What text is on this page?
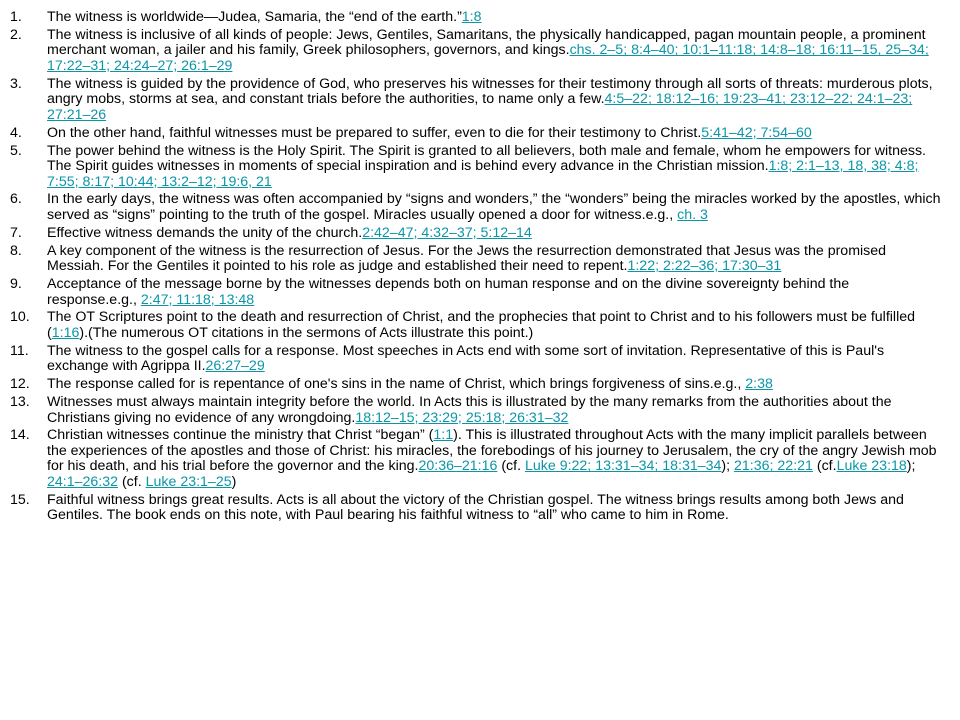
1. The witness is worldwide—Judea, Samaria, the “end of the earth.”1:8
2. The witness is inclusive of all kinds of people: Jews, Gentiles, Samaritans, the physically handicapped, pagan mountain people, a prominent merchant woman, a jailer and his family, Greek philosophers, governors, and kings.chs. 2–5; 8:4–40; 10:1–11:18; 14:8–18; 16:11–15, 25–34; 17:22–31; 24:24–27; 26:1–29
3. The witness is guided by the providence of God, who preserves his witnesses for their testimony through all sorts of threats: murderous plots, angry mobs, storms at sea, and constant trials before the authorities, to name only a few.4:5–22; 18:12–16; 19:23–41; 23:12–22; 24:1–23; 27:21–26
4. On the other hand, faithful witnesses must be prepared to suffer, even to die for their testimony to Christ.5:41–42; 7:54–60
5. The power behind the witness is the Holy Spirit. The Spirit is granted to all believers, both male and female, whom he empowers for witness. The Spirit guides witnesses in moments of special inspiration and is behind every advance in the Christian mission.1:8; 2:1–13, 18, 38; 4:8; 7:55; 8:17; 10:44; 13:2–12; 19:6, 21
6. In the early days, the witness was often accompanied by “signs and wonders,” the “wonders” being the miracles worked by the apostles, which served as “signs” pointing to the truth of the gospel. Miracles usually opened a door for witness.e.g., ch. 3
7. Effective witness demands the unity of the church.2:42–47; 4:32–37; 5:12–14
8. A key component of the witness is the resurrection of Jesus. For the Jews the resurrection demonstrated that Jesus was the promised Messiah. For the Gentiles it pointed to his role as judge and established their need to repent.1:22; 2:22–36; 17:30–31
9. Acceptance of the message borne by the witnesses depends both on human response and on the divine sovereignty behind the response.e.g., 2:47; 11:18; 13:48
10. The OT Scriptures point to the death and resurrection of Christ, and the prophecies that point to Christ and to his followers must be fulfilled (1:16).(The numerous OT citations in the sermons of Acts illustrate this point.)
11. The witness to the gospel calls for a response. Most speeches in Acts end with some sort of invitation. Representative of this is Paul's exchange with Agrippa II.26:27–29
12. The response called for is repentance of one's sins in the name of Christ, which brings forgiveness of sins.e.g., 2:38
13. Witnesses must always maintain integrity before the world. In Acts this is illustrated by the many remarks from the authorities about the Christians giving no evidence of any wrongdoing.18:12–15; 23:29; 25:18; 26:31–32
14. Christian witnesses continue the ministry that Christ “began” (1:1). This is illustrated throughout Acts with the many implicit parallels between the experiences of the apostles and those of Christ: his miracles, the forebodings of his journey to Jerusalem, the cry of the angry Jewish mob for his death, and his trial before the governor and the king.20:36–21:16 (cf. Luke 9:22; 13:31–34; 18:31–34); 21:36; 22:21 (cf.Luke 23:18); 24:1–26:32 (cf. Luke 23:1–25)
15. Faithful witness brings great results. Acts is all about the victory of the Christian gospel. The witness brings results among both Jews and Gentiles. The book ends on this note, with Paul bearing his faithful witness to “all” who came to him in Rome.
